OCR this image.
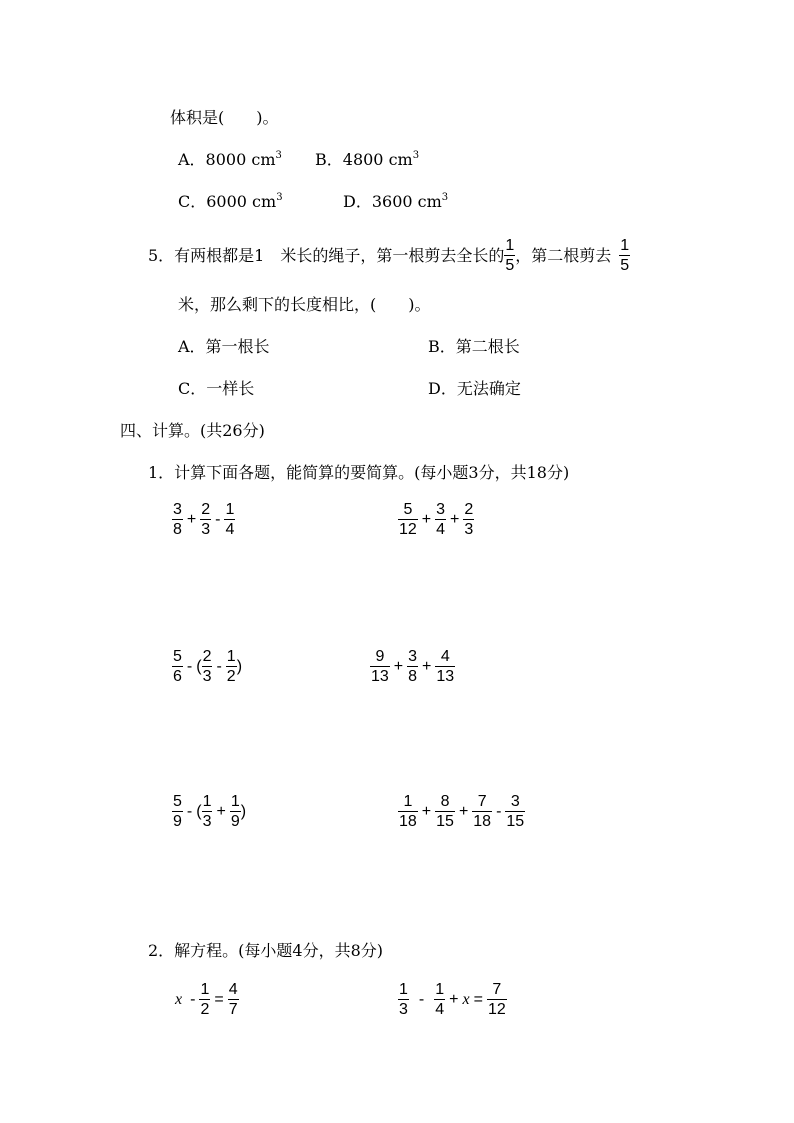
体积是(　　)。
A．8000 $cm^3$ B．4800 $cm^3$
C．6000 $cm^3$	D．3600 $cm^3$
5．有两根都是1　米长的绳子，第一根剪去全长的 $\frac{1}{5}$ ，第二根剪去 $\frac{1}{5}$
米，那么剩下的长度相比，(　　)。
A．第一根长	B．第二根长
C．一样长	D．无法确定
四、计算。(共26分)
1．计算下面各题，能简算的要简算。(每小题3分，共18分)
$\frac{3}{8} + \frac{2}{3} - \frac{1}{4}$	$\frac{5}{12} + \frac{3}{4} + \frac{2}{3}$
$\frac{5}{6}$ - ( $\frac{2}{3} - \frac{1}{2}$ )	$\frac{9}{13} + \frac{3}{8} + \frac{4}{13}$
$\frac{5}{9}$ - ( $\frac{1}{3} + \frac{1}{9}$ )	$\frac{1}{18} + \frac{8}{15} + \frac{7}{18} - \frac{3}{15}$
2．解方程。(每小题4分，共8分)
$x - \frac{1}{2} = \frac{4}{7}$	$\frac{1}{3} - \frac{1}{4} + x = \frac{7}{12}$
